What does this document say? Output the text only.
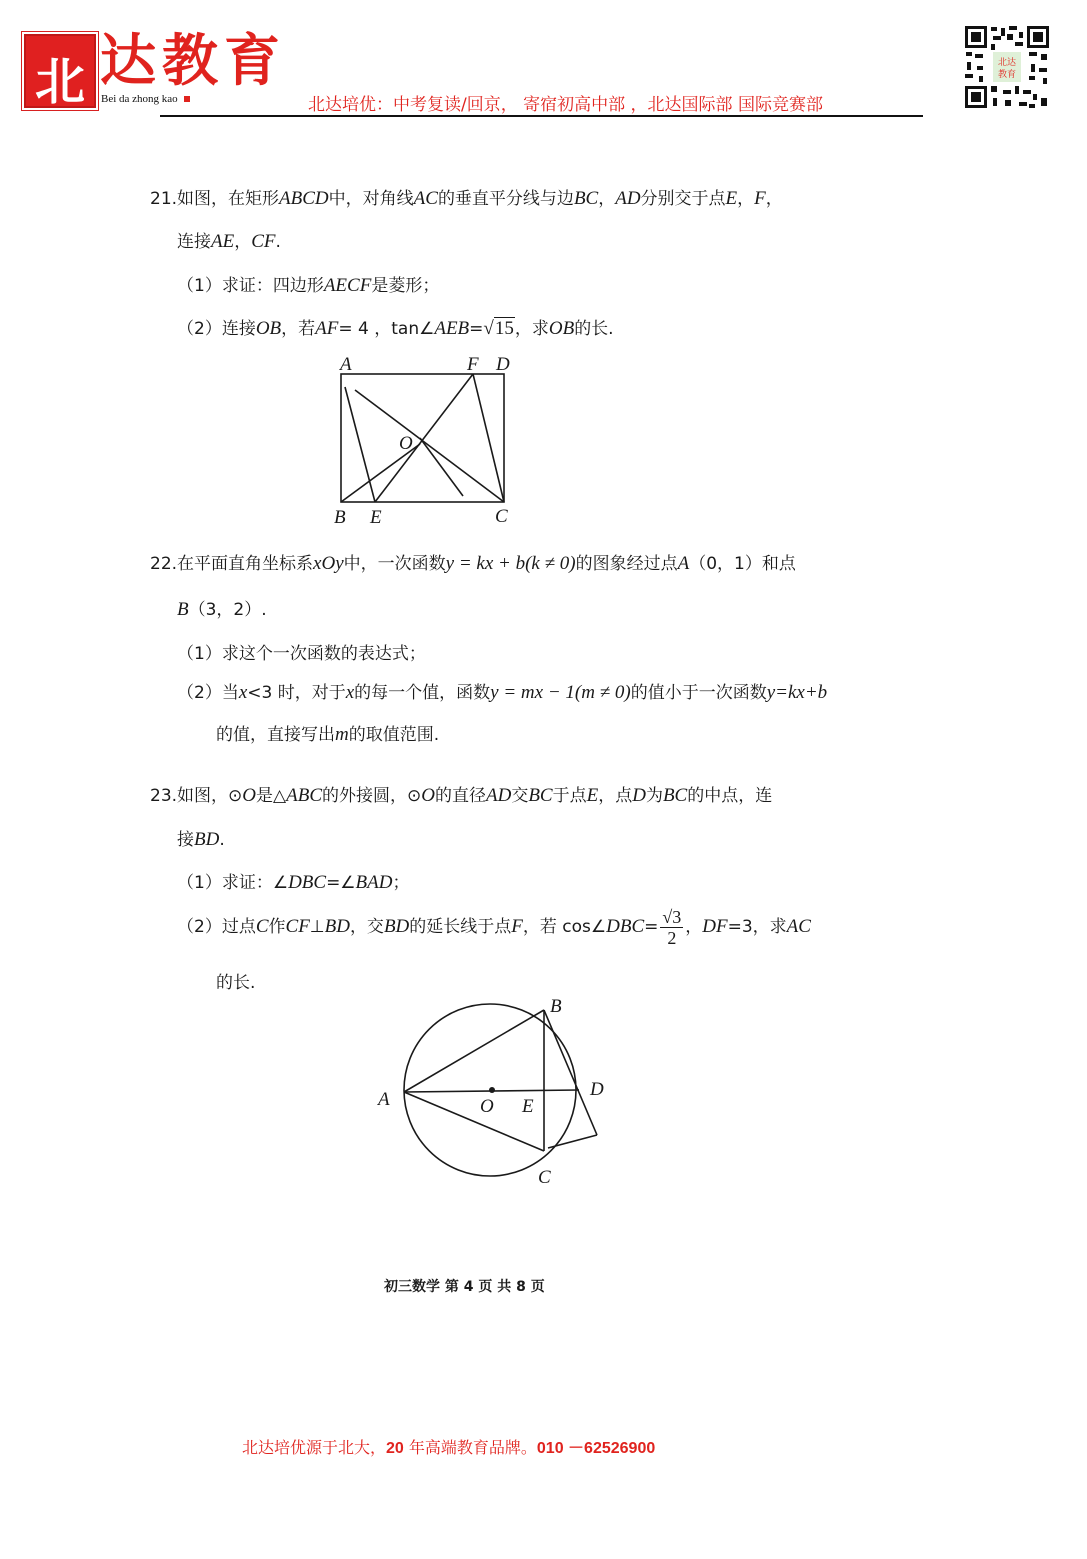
北 达教育
Bei da zhong kao	北达培优：中考复读/回京， 寄宿初高中部 ，北达国际部 国际竞赛部
北达
教育
21.如图，在矩形ABCD中，对角线AC的垂直平分线与边BC，AD分别交于点E，F，
连接AE，CF.
（1）求证：四边形AECF是菱形；
（2）连接OB，若AF= 4 ，tan∠AEB=√15，求OB的长.
A	F D
O
B E	C
22.在平面直角坐标系xOy中，一次函数y = kx + b(k ≠ 0)的图象经过点A（0，1）和点
B（3，2）.
（1）求这个一次函数的表达式；
（2）当x<3 时，对于x的每一个值，函数y = mx − 1(m ≠ 0)的值小于一次函数y=kx+b
的值，直接写出m的取值范围.
23.如图，⊙O是△ABC的外接圆，⊙O的直径AD交BC于点E，点D为BC的中点，连
接BD.
（1）求证：∠DBC=∠BAD；
（2）过点C作CF⊥BD，交BD的延长线于点F，若 cos∠DBC= $\frac{√3}{2}$ ，DF=3，求AC
的长.
B
A	O E
D
C
初三数学 第 4 页 共 8 页
北达培优源于北大，20 年高端教育品牌。010 －62526900
